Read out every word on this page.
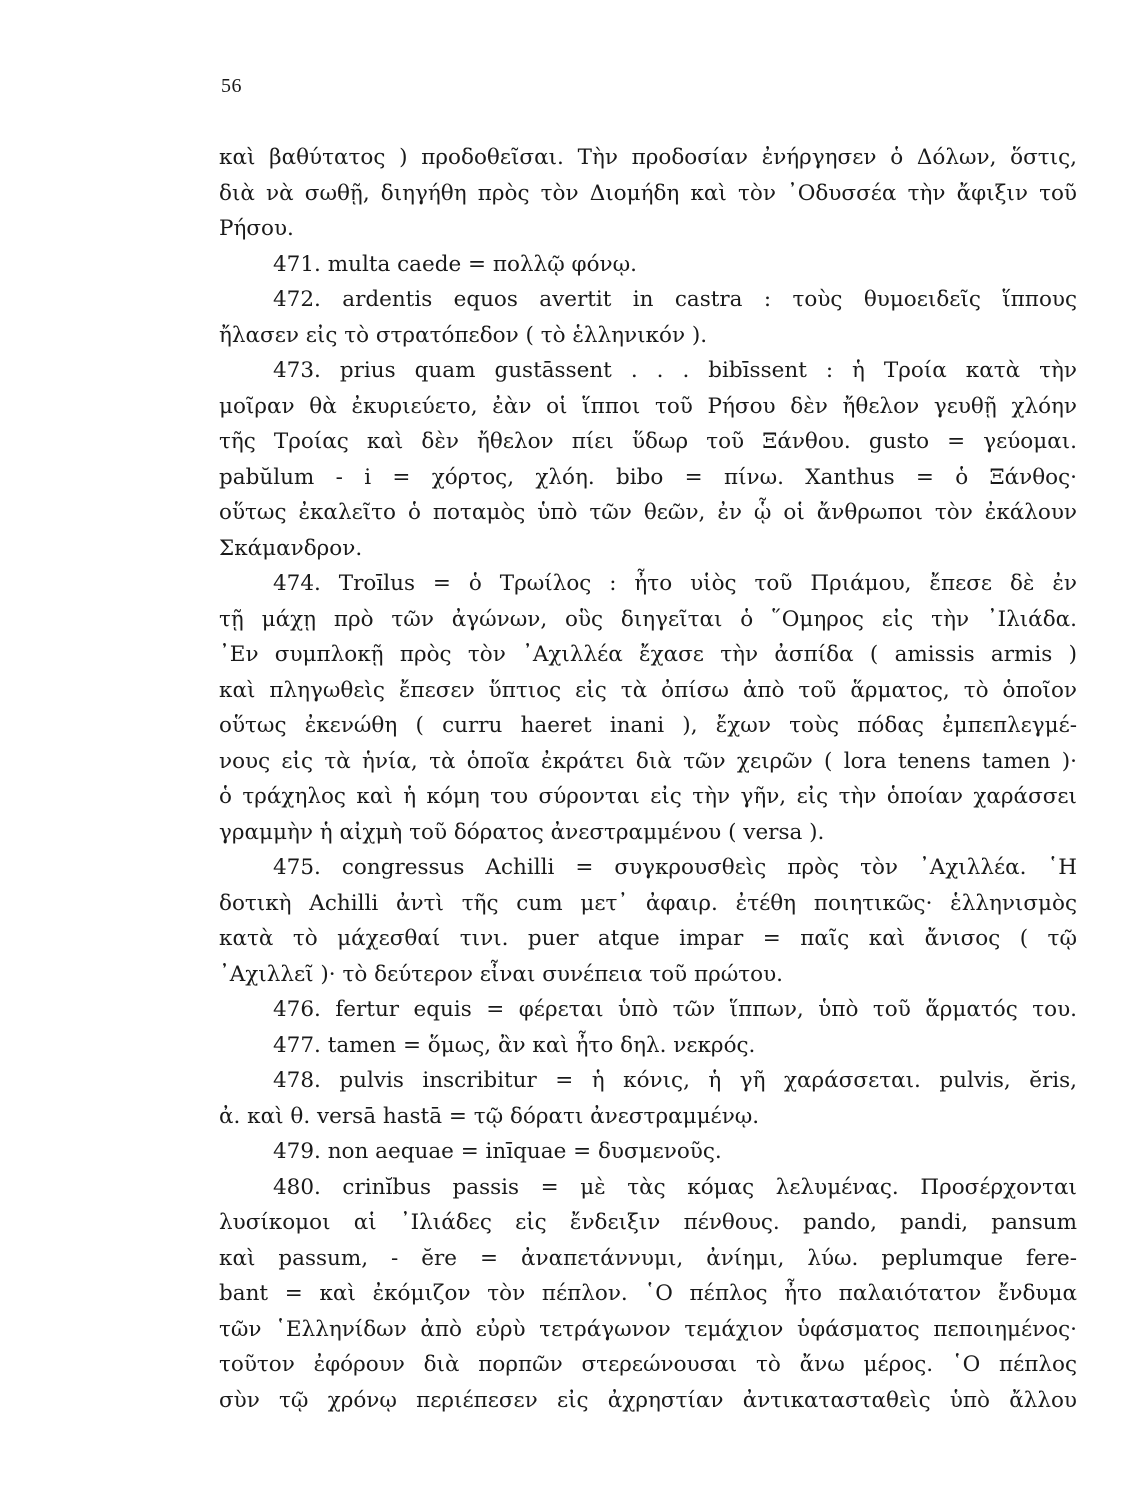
56
καὶ βαθύτατος ) προδοθεῖσαι. Τὴν προδοσίαν ἐνήργησεν ὁ Δόλων, ὅστις,
διὰ νὰ σωθῇ, διηγήθη πρὸς τὸν Διομήδη καὶ τὸν ᾿Οδυσσέα τὴν ἄφιξιν τοῦ
Ρήσου.
471. multa caede = πολλῷ φόνῳ.
472. ardentis equos avertit in castra : τοὺς θυμοειδεῖς ἵππους
ἤλασεν εἰς τὸ στρατόπεδον ( τὸ ἑλληνικόν ).
473. prius quam gustāssent . . . bibīssent : ἡ Τροία κατὰ τὴν
μοῖραν θὰ ἐκυριεύετο, ἐὰν οἱ ἵπποι τοῦ Ρήσου δὲν ἤθελον γευθῇ χλόην
τῆς Τροίας καὶ δὲν ἤθελον πίει ὕδωρ τοῦ Ξάνθου. gusto = γεύομαι.
pabŭlum - i = χόρτος, χλόη. bibo = πίνω. Xanthus = ὁ Ξάνθος·
οὕτως ἐκαλεῖτο ὁ ποταμὸς ὑπὸ τῶν θεῶν, ἐν ᾧ οἱ ἄνθρωποι τὸν ἐκάλουν
Σκάμανδρον.
474. Troīlus = ὁ Τρωίλος : ἦτο υἱὸς τοῦ Πριάμου, ἔπεσε δὲ ἐν
τῇ μάχῃ πρὸ τῶν ἀγώνων, οὓς διηγεῖται ὁ ῞Ομηρος εἰς τὴν ᾿Ιλιάδα.
᾿Εν συμπλοκῇ πρὸς τὸν ᾿Αχιλλέα ἔχασε τὴν ἀσπίδα ( amissis armis )
καὶ πληγωθεὶς ἔπεσεν ὕπτιος εἰς τὰ ὀπίσω ἀπὸ τοῦ ἅρματος, τὸ ὁποῖον
οὕτως ἐκενώθη ( curru haeret inani ), ἔχων τοὺς πόδας ἐμπεπλεγμέ-
νους εἰς τὰ ἡνία, τὰ ὁποῖα ἐκράτει διὰ τῶν χειρῶν ( lora tenens tamen )·
ὁ τράχηλος καὶ ἡ κόμη του σύρονται εἰς τὴν γῆν, εἰς τὴν ὁποίαν χαράσσει
γραμμὴν ἡ αἰχμὴ τοῦ δόρατος ἀνεστραμμένου ( versa ).
475. congressus Achilli = συγκρουσθεὶς πρὸς τὸν ᾿Αχιλλέα. ῾Η
δοτικὴ Achilli ἀντὶ τῆς cum μετ᾿ ἀφαιρ. ἐτέθη ποιητικῶς· ἑλληνισμὸς
κατὰ τὸ μάχεσθαί τινι. puer atque impar = παῖς καὶ ἄνισος ( τῷ
᾿Αχιλλεῖ )· τὸ δεύτερον εἶναι συνέπεια τοῦ πρώτου.
476. fertur equis = φέρεται ὑπὸ τῶν ἵππων, ὑπὸ τοῦ ἅρματός του.
477. tamen = ὅμως, ἂν καὶ ἦτο δηλ. νεκρός.
478. pulvis inscribitur = ἡ κόνις, ἡ γῆ χαράσσεται. pulvis, ĕris,
ἀ. καὶ θ. versā hastā = τῷ δόρατι ἀνεστραμμένῳ.
479. non aequae = inīquae = δυσμενοῦς.
480. crinĭbus passis = μὲ τὰς κόμας λελυμένας. Προσέρχονται
λυσίκομοι αἱ ᾿Ιλιάδες εἰς ἔνδειξιν πένθους. pando, pandi, pansum
καὶ passum, - ĕre = ἀναπετάννυμι, ἀνίημι, λύω. peplumque fere-
bant = καὶ ἐκόμιζον τὸν πέπλον. ῾Ο πέπλος ἦτο παλαιότατον ἔνδυμα
τῶν ῾Ελληνίδων ἀπὸ εὐρὺ τετράγωνον τεμάχιον ὑφάσματος πεποιημένος·
τοῦτον ἐφόρουν διὰ πορπῶν στερεώνουσαι τὸ ἄνω μέρος. ῾Ο πέπλος
σὺν τῷ χρόνῳ περιέπεσεν εἰς ἀχρηστίαν ἀντικατασταθεὶς ὑπὸ ἄλλου
